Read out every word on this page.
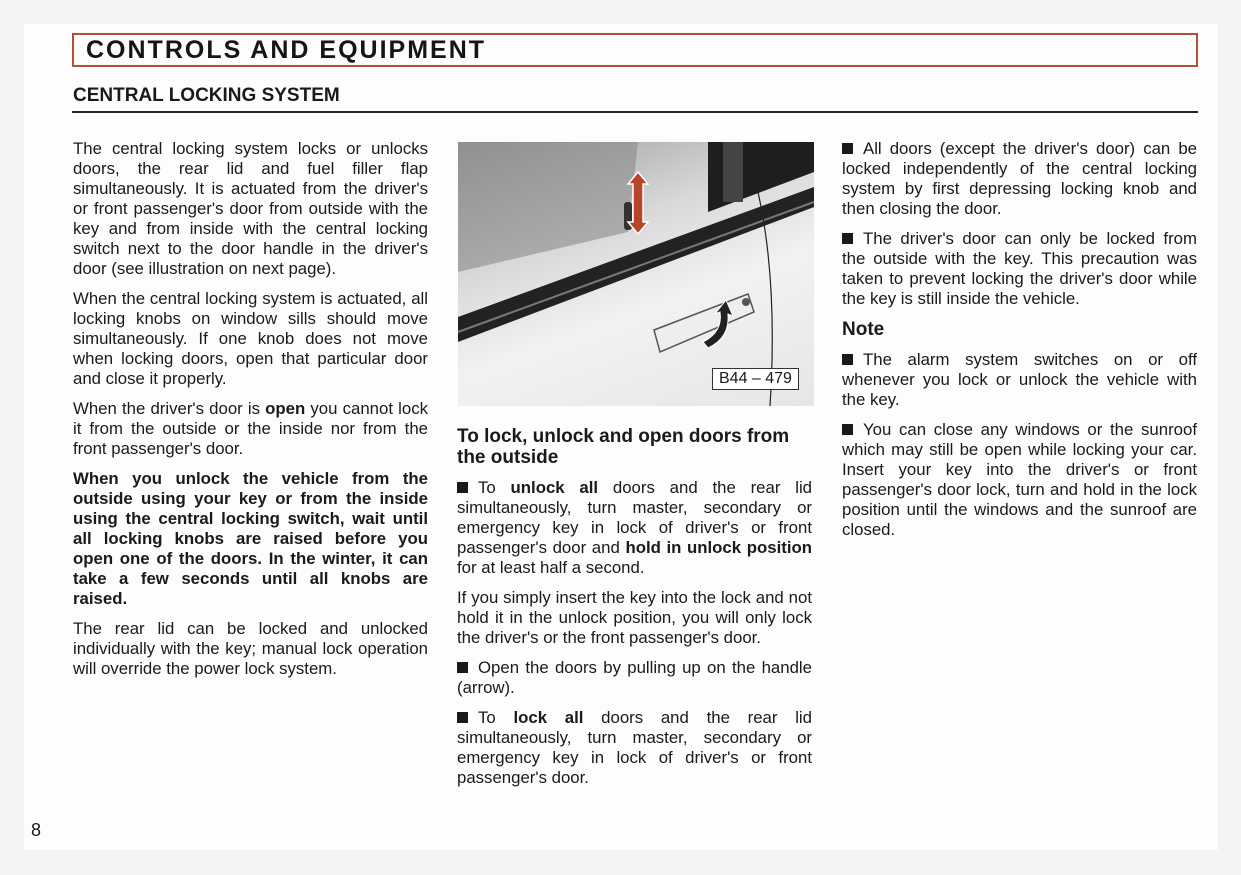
CONTROLS AND EQUIPMENT
CENTRAL LOCKING SYSTEM

The central locking system locks or unlocks doors, the rear lid and fuel filler flap simultaneously. It is actuated from the driver's or front passenger's door from outside with the key and from inside with the central locking switch next to the door handle in the driver's door (see illustration on next page).

When the central locking system is actuated, all locking knobs on window sills should move simultaneously. If one knob does not move when locking doors, open that particular door and close it properly.

When the driver's door is open you cannot lock it from the outside or the inside nor from the front passenger's door.

When you unlock the vehicle from the outside using your key or from the inside using the central locking switch, wait until all locking knobs are raised before you open one of the doors. In the winter, it can take a few seconds until all knobs are raised.

The rear lid can be locked and unlocked individually with the key; manual lock operation will override the power lock system.

B44 – 479
To lock, unlock and open doors from the outside

To unlock all doors and the rear lid simultaneously, turn master, secondary or emergency key in lock of driver's or front passenger's door and hold in unlock position for at least half a second.

If you simply insert the key into the lock and not hold it in the unlock position, you will only lock the driver's or the front passenger's door.

Open the doors by pulling up on the handle (arrow).

To lock all doors and the rear lid simultaneously, turn master, secondary or emergency key in lock of driver's or front passenger's door.

All doors (except the driver's door) can be locked independently of the central locking system by first depressing locking knob and then closing the door.

The driver's door can only be locked from the outside with the key. This precaution was taken to prevent locking the driver's door while the key is still inside the vehicle.

Note

The alarm system switches on or off whenever you lock or unlock the vehicle with the key.

You can close any windows or the sunroof which may still be open while locking your car. Insert your key into the driver's or front passenger's door lock, turn and hold in the lock position until the windows and the sunroof are closed.

8
